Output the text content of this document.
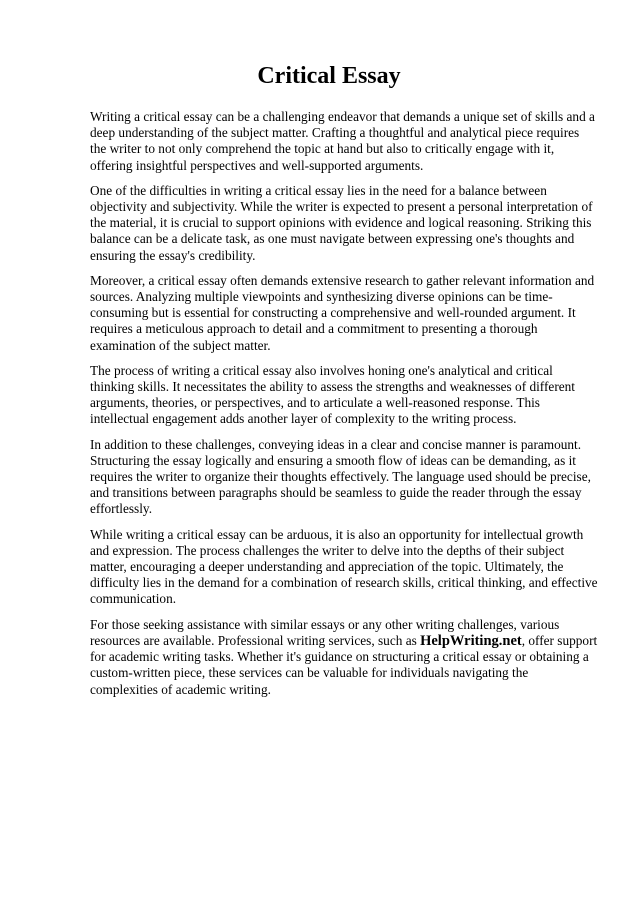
Critical Essay

Writing a critical essay can be a challenging endeavor that demands a unique set of skills and a deep understanding of the subject matter. Crafting a thoughtful and analytical piece requires the writer to not only comprehend the topic at hand but also to critically engage with it, offering insightful perspectives and well-supported arguments.

One of the difficulties in writing a critical essay lies in the need for a balance between objectivity and subjectivity. While the writer is expected to present a personal interpretation of the material, it is crucial to support opinions with evidence and logical reasoning. Striking this balance can be a delicate task, as one must navigate between expressing one's thoughts and ensuring the essay's credibility.

Moreover, a critical essay often demands extensive research to gather relevant information and sources. Analyzing multiple viewpoints and synthesizing diverse opinions can be time-consuming but is essential for constructing a comprehensive and well-rounded argument. It requires a meticulous approach to detail and a commitment to presenting a thorough examination of the subject matter.

The process of writing a critical essay also involves honing one's analytical and critical thinking skills. It necessitates the ability to assess the strengths and weaknesses of different arguments, theories, or perspectives, and to articulate a well-reasoned response. This intellectual engagement adds another layer of complexity to the writing process.

In addition to these challenges, conveying ideas in a clear and concise manner is paramount. Structuring the essay logically and ensuring a smooth flow of ideas can be demanding, as it requires the writer to organize their thoughts effectively. The language used should be precise, and transitions between paragraphs should be seamless to guide the reader through the essay effortlessly.

While writing a critical essay can be arduous, it is also an opportunity for intellectual growth and expression. The process challenges the writer to delve into the depths of their subject matter, encouraging a deeper understanding and appreciation of the topic. Ultimately, the difficulty lies in the demand for a combination of research skills, critical thinking, and effective communication.

For those seeking assistance with similar essays or any other writing challenges, various resources are available. Professional writing services, such as HelpWriting.net, offer support for academic writing tasks. Whether it's guidance on structuring a critical essay or obtaining a custom-written piece, these services can be valuable for individuals navigating the complexities of academic writing.
